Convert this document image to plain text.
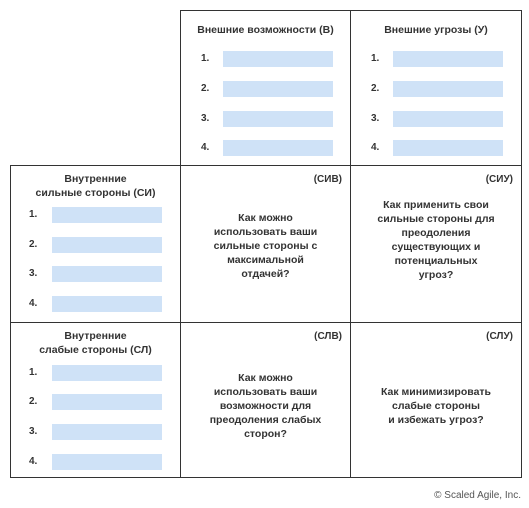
Внешние возможности (В)
1.
2.
3.
4.
Внешние угрозы (У)
1.
2.
3.
4.
Внутренние
сильные стороны (СИ)
1.
2.
3.
4.
(СИВ)
Как можно
использовать ваши
сильные стороны с
максимальной
отдачей?
(СИУ)
Как применить свои
сильные стороны для
преодоления
существующих и
потенциальных
угроз?
Внутренние
слабые стороны (СЛ)
1.
2.
3.
4.
(СЛВ)
Как можно
использовать ваши
возможности для
преодоления слабых
сторон?
(СЛУ)
Как минимизировать
слабые стороны
и избежать угроз?
© Scaled Agile, Inc.
